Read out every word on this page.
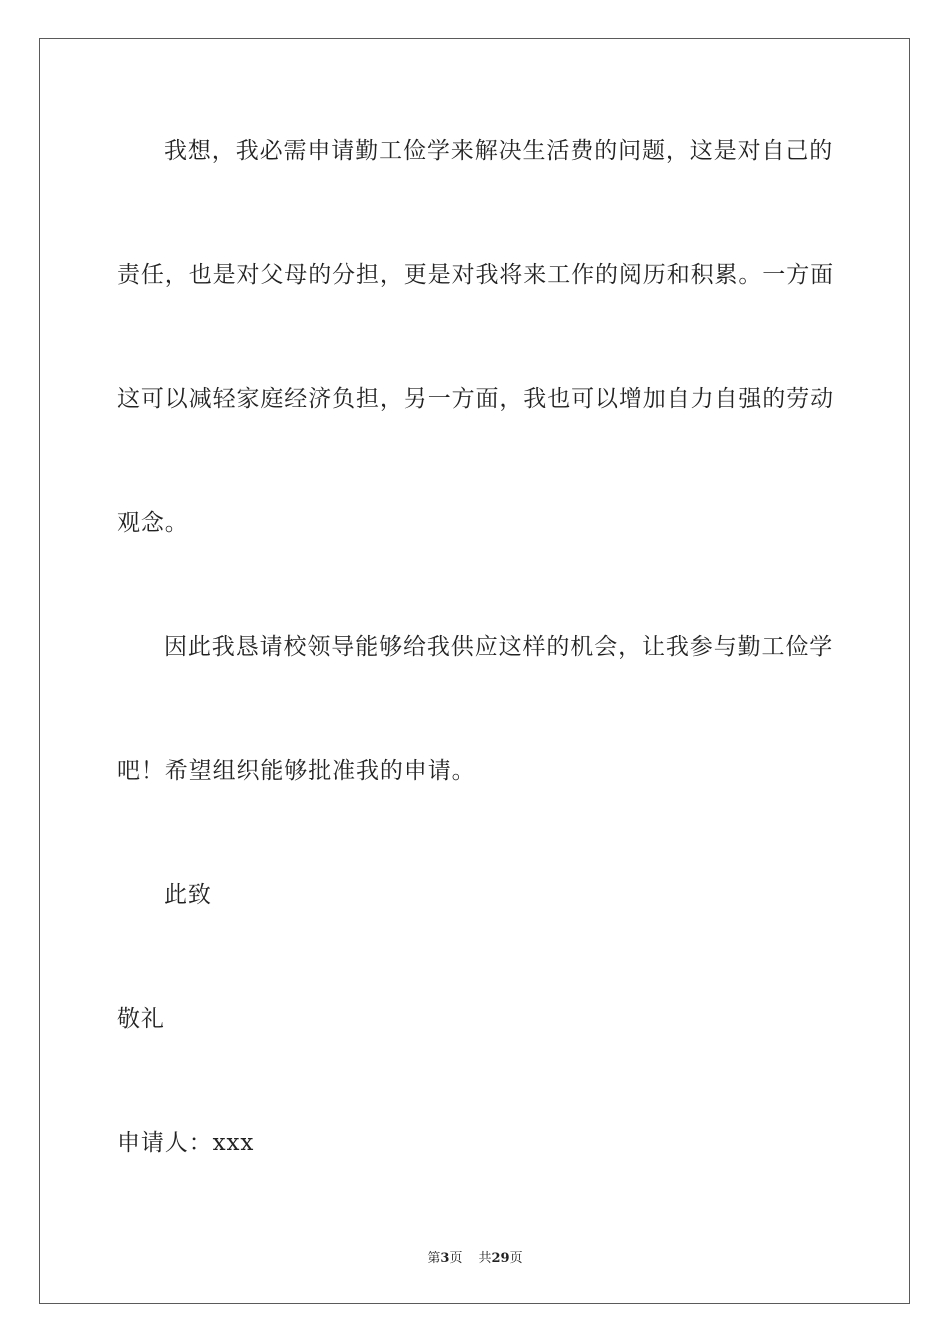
我想，我必需申请勤工俭学来解决生活费的问题，这是对自己的
责任，也是对父母的分担，更是对我将来工作的阅历和积累。一方面
这可以减轻家庭经济负担，另一方面，我也可以增加自力自强的劳动
观念。
因此我恳请校领导能够给我供应这样的机会，让我参与勤工俭学
吧！希望组织能够批准我的申请。
此致
敬礼
申请人：xxx
第3页 共29页
